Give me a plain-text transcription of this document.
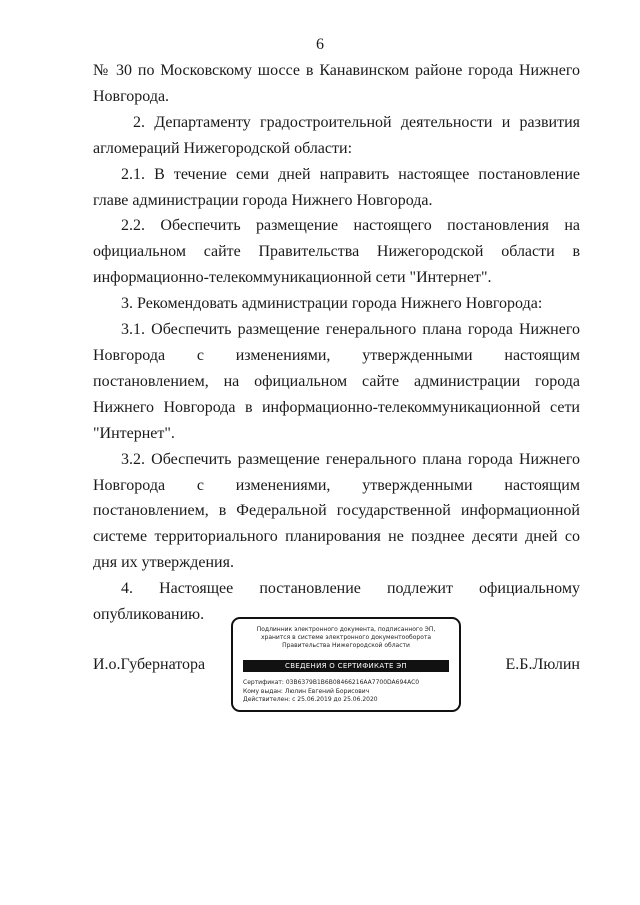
6

№ 30 по Московскому шоссе в Канавинском районе города Нижнего Новгорода.

2. Департаменту градостроительной деятельности и развития агломераций Нижегородской области:

2.1. В течение семи дней направить настоящее постановление главе администрации города Нижнего Новгорода.

2.2. Обеспечить размещение настоящего постановления на официальном сайте Правительства Нижегородской области в информационно-телекоммуникационной сети "Интернет".

3. Рекомендовать администрации города Нижнего Новгорода:

3.1. Обеспечить размещение генерального плана города Нижнего Новгорода с изменениями, утвержденными настоящим постановлением, на официальном сайте администрации города Нижнего Новгорода в информационно-телекоммуникационной сети "Интернет".

3.2. Обеспечить размещение генерального плана города Нижнего Новгорода с изменениями, утвержденными настоящим постановлением, в Федеральной государственной информационной системе территориального планирования не позднее десяти дней со дня их утверждения.

4. Настоящее постановление подлежит официальному опубликованию.

И.о.Губернатора
Подлинник электронного документа, подписанного ЭП,
хранится в системе электронного документооборота
Правительства Нижегородской области
СВЕДЕНИЯ О СЕРТИФИКАТЕ ЭП
Сертификат: 03B6379B1B6B08466216AA7700DA694AC0
Кому выдан: Люлин Евгений Борисович
Действителен: с 25.06.2019 до 25.06.2020
Е.Б.Люлин
